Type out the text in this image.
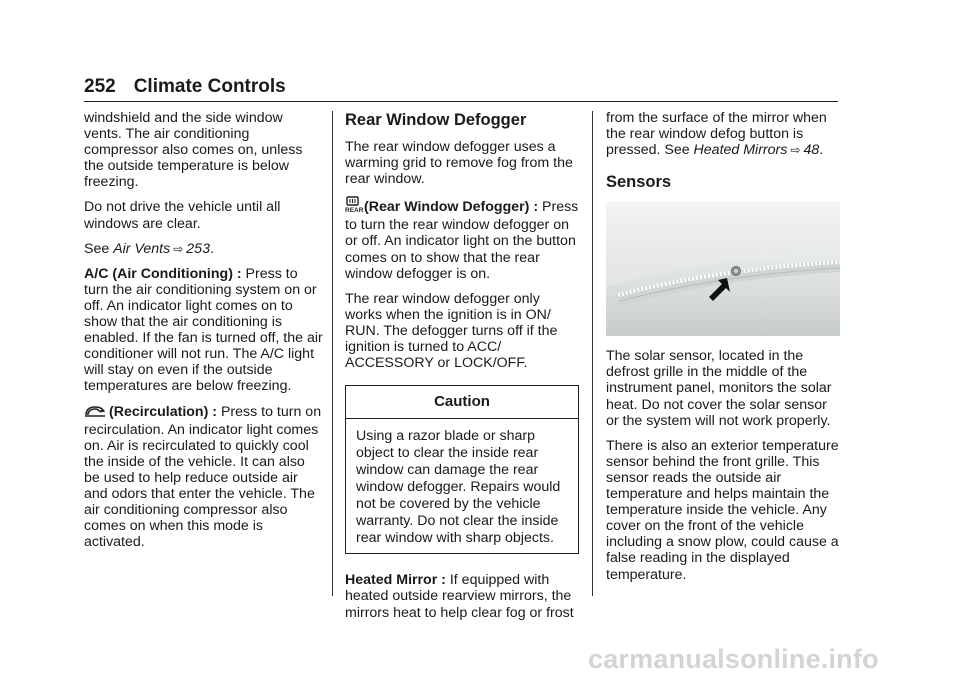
252 Climate Controls

windshield and the side window vents. The air conditioning compressor also comes on, unless the outside temperature is below freezing.

Do not drive the vehicle until all windows are clear.

See Air Vents ⇨ 253.

A/C (Air Conditioning) : Press to turn the air conditioning system on or off. An indicator light comes on to show that the air conditioning is enabled. If the fan is turned off, the air conditioner will not run. The A/C light will stay on even if the outside temperatures are below freezing.

(Recirculation) : Press to turn on recirculation. An indicator light comes on. Air is recirculated to quickly cool the inside of the vehicle. It can also be used to help reduce outside air and odors that enter the vehicle. The air conditioning compressor also comes on when this mode is activated.

Rear Window Defogger

The rear window defogger uses a warming grid to remove fog from the rear window.

REAR (Rear Window Defogger) : Press to turn the rear window defogger on or off. An indicator light on the button comes on to show that the rear window defogger is on.

The rear window defogger only works when the ignition is in ON/ RUN. The defogger turns off if the ignition is turned to ACC/ ACCESSORY or LOCK/OFF.

Caution
Using a razor blade or sharp object to clear the inside rear window can damage the rear window defogger. Repairs would not be covered by the vehicle warranty. Do not clear the inside rear window with sharp objects.

Heated Mirror : If equipped with heated outside rearview mirrors, the mirrors heat to help clear fog or frost

from the surface of the mirror when the rear window defog button is pressed. See Heated Mirrors ⇨ 48.

Sensors

The solar sensor, located in the defrost grille in the middle of the instrument panel, monitors the solar heat. Do not cover the solar sensor or the system will not work properly.

There is also an exterior temperature sensor behind the front grille. This sensor reads the outside air temperature and helps maintain the temperature inside the vehicle. Any cover on the front of the vehicle including a snow plow, could cause a false reading in the displayed temperature.

carmanualsonline.info
